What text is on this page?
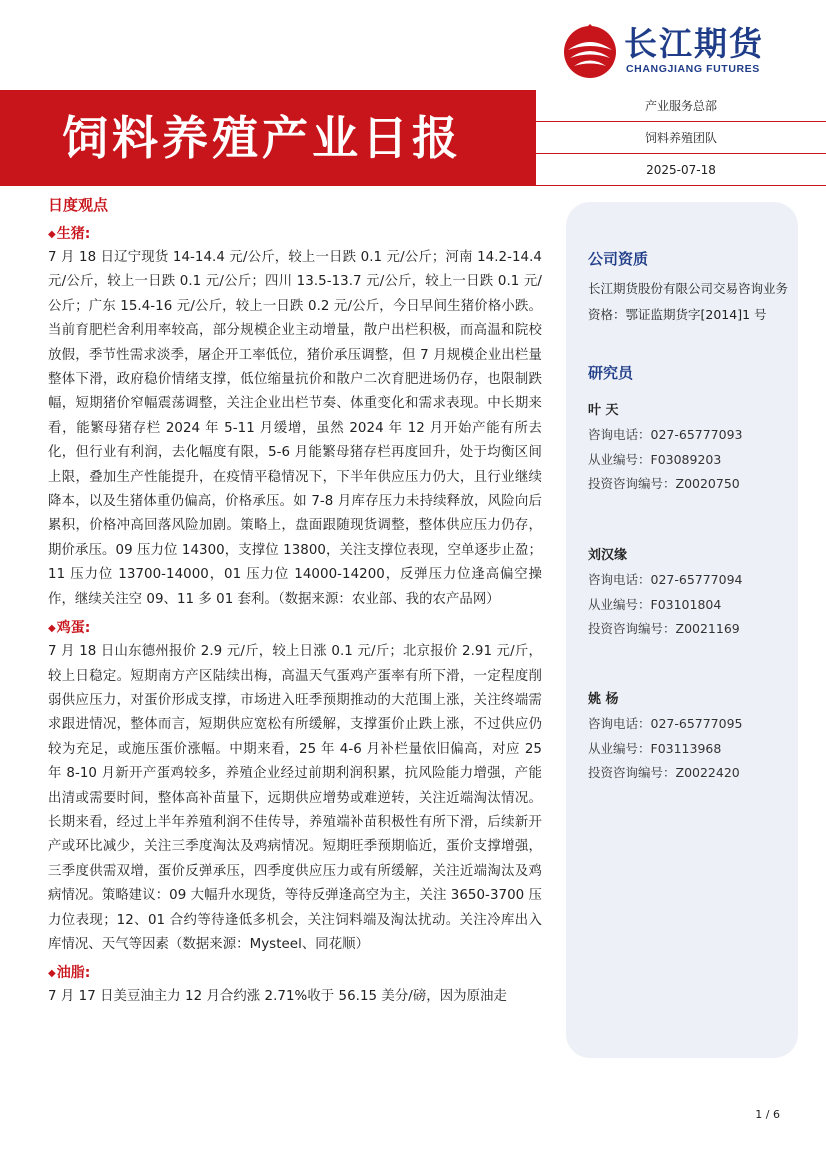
长江期货
CHANGJIANG FUTURES
饲料养殖产业日报
产业服务总部
饲料养殖团队
2025-07-18
日度观点
◆生猪:

7 月 18 日辽宁现货 14-14.4 元/公斤，较上一日跌 0.1 元/公斤；河南 14.2-14.4 元/公斤，较上一日跌 0.1 元/公斤；四川 13.5-13.7 元/公斤，较上一日跌 0.1 元/公斤；广东 15.4-16 元/公斤，较上一日跌 0.2 元/公斤，今日早间生猪价格小跌。当前育肥栏舍利用率较高，部分规模企业主动增量，散户出栏积极，而高温和院校放假，季节性需求淡季，屠企开工率低位，猪价承压调整，但 7 月规模企业出栏量整体下滑，政府稳价情绪支撑，低位缩量抗价和散户二次育肥进场仍存，也限制跌幅，短期猪价窄幅震荡调整，关注企业出栏节奏、体重变化和需求表现。中长期来看，能繁母猪存栏 2024 年 5-11 月缓增，虽然 2024 年 12 月开始产能有所去化，但行业有利润，去化幅度有限，5-6 月能繁母猪存栏再度回升，处于均衡区间上限，叠加生产性能提升，在疫情平稳情况下，下半年供应压力仍大，且行业继续降本，以及生猪体重仍偏高，价格承压。如 7-8 月库存压力未持续释放，风险向后累积，价格冲高回落风险加剧。策略上，盘面跟随现货调整，整体供应压力仍存，期价承压。09 压力位 14300，支撑位 13800，关注支撑位表现，空单逐步止盈；11 压力位 13700-14000，01 压力位 14000-14200，反弹压力位逢高偏空操作，继续关注空 09、11 多 01 套利。（数据来源：农业部、我的农产品网）

◆鸡蛋:

7 月 18 日山东德州报价 2.9 元/斤，较上日涨 0.1 元/斤；北京报价 2.91 元/斤，较上日稳定。短期南方产区陆续出梅，高温天气蛋鸡产蛋率有所下滑，一定程度削弱供应压力，对蛋价形成支撑，市场进入旺季预期推动的大范围上涨，关注终端需求跟进情况，整体而言，短期供应宽松有所缓解，支撑蛋价止跌上涨，不过供应仍较为充足，或施压蛋价涨幅。中期来看，25 年 4-6 月补栏量依旧偏高，对应 25 年 8-10 月新开产蛋鸡较多，养殖企业经过前期利润积累，抗风险能力增强，产能出清或需要时间，整体高补苗量下，远期供应增势或难逆转，关注近端淘汰情况。长期来看，经过上半年养殖利润不佳传导，养殖端补苗积极性有所下滑，后续新开产或环比减少，关注三季度淘汰及鸡病情况。短期旺季预期临近，蛋价支撑增强，三季度供需双增，蛋价反弹承压，四季度供应压力或有所缓解，关注近端淘汰及鸡病情况。策略建议：09 大幅升水现货，等待反弹逢高空为主，关注 3650-3700 压力位表现；12、01 合约等待逢低多机会，关注饲料端及淘汰扰动。关注冷库出入库情况、天气等因素（数据来源：Mysteel、同花顺）

◆油脂:

7 月 17 日美豆油主力 12 月合约涨 2.71%收于 56.15 美分/磅，因为原油走

公司资质
长江期货股份有限公司交易咨询业务资格：鄂证监期货字[2014]1 号
研究员
叶 天
咨询电话：027-65777093
从业编号：F03089203
投资咨询编号：Z0020750
刘汉缘
咨询电话：027-65777094
从业编号：F03101804
投资咨询编号：Z0021169
姚 杨
咨询电话：027-65777095
从业编号：F03113968
投资咨询编号：Z0022420
1 / 6
